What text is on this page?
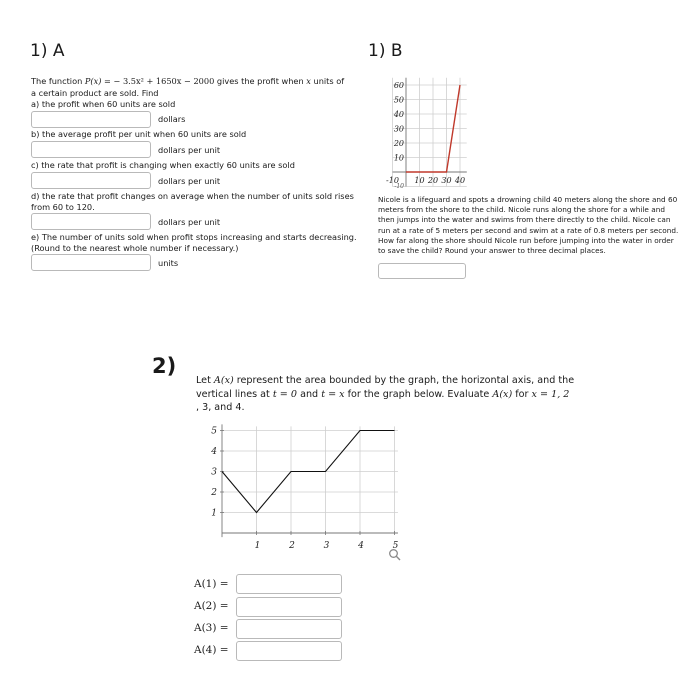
1) A
The function P(x) = − 3.5x² + 1650x − 2000 gives the profit when x units of
a certain product are sold. Find
a) the profit when 60 units are sold
dollars
b) the average profit per unit when 60 units are sold
dollars per unit
c) the rate that profit is changing when exactly 60 units are sold
dollars per unit
d) the rate that profit changes on average when the number of units sold rises
from 60 to 120.
dollars per unit
e) The number of units sold when profit stops increasing and starts decreasing.
(Round to the nearest whole number if necessary.)
units
1) B
60
50
40
30
20
10
-10 10 20 30 40
-10
Nicole is a lifeguard and spots a drowning child 40 meters along the shore and 60
meters from the shore to the child. Nicole runs along the shore for a while and
then jumps into the water and swims from there directly to the child. Nicole can
run at a rate of 5 meters per second and swim at a rate of 0.8 meters per second.
How far along the shore should Nicole run before jumping into the water in order
to save the child? Round your answer to three decimal places.
2)
Let A(x) represent the area bounded by the graph, the horizontal axis, and the
vertical lines at t = 0 and t = x for the graph below. Evaluate A(x) for x = 1, 2
, 3, and 4.
1	2	3	4	5
5
4
3
2
1
A(1) =
A(2) =
A(3) =
A(4) =
